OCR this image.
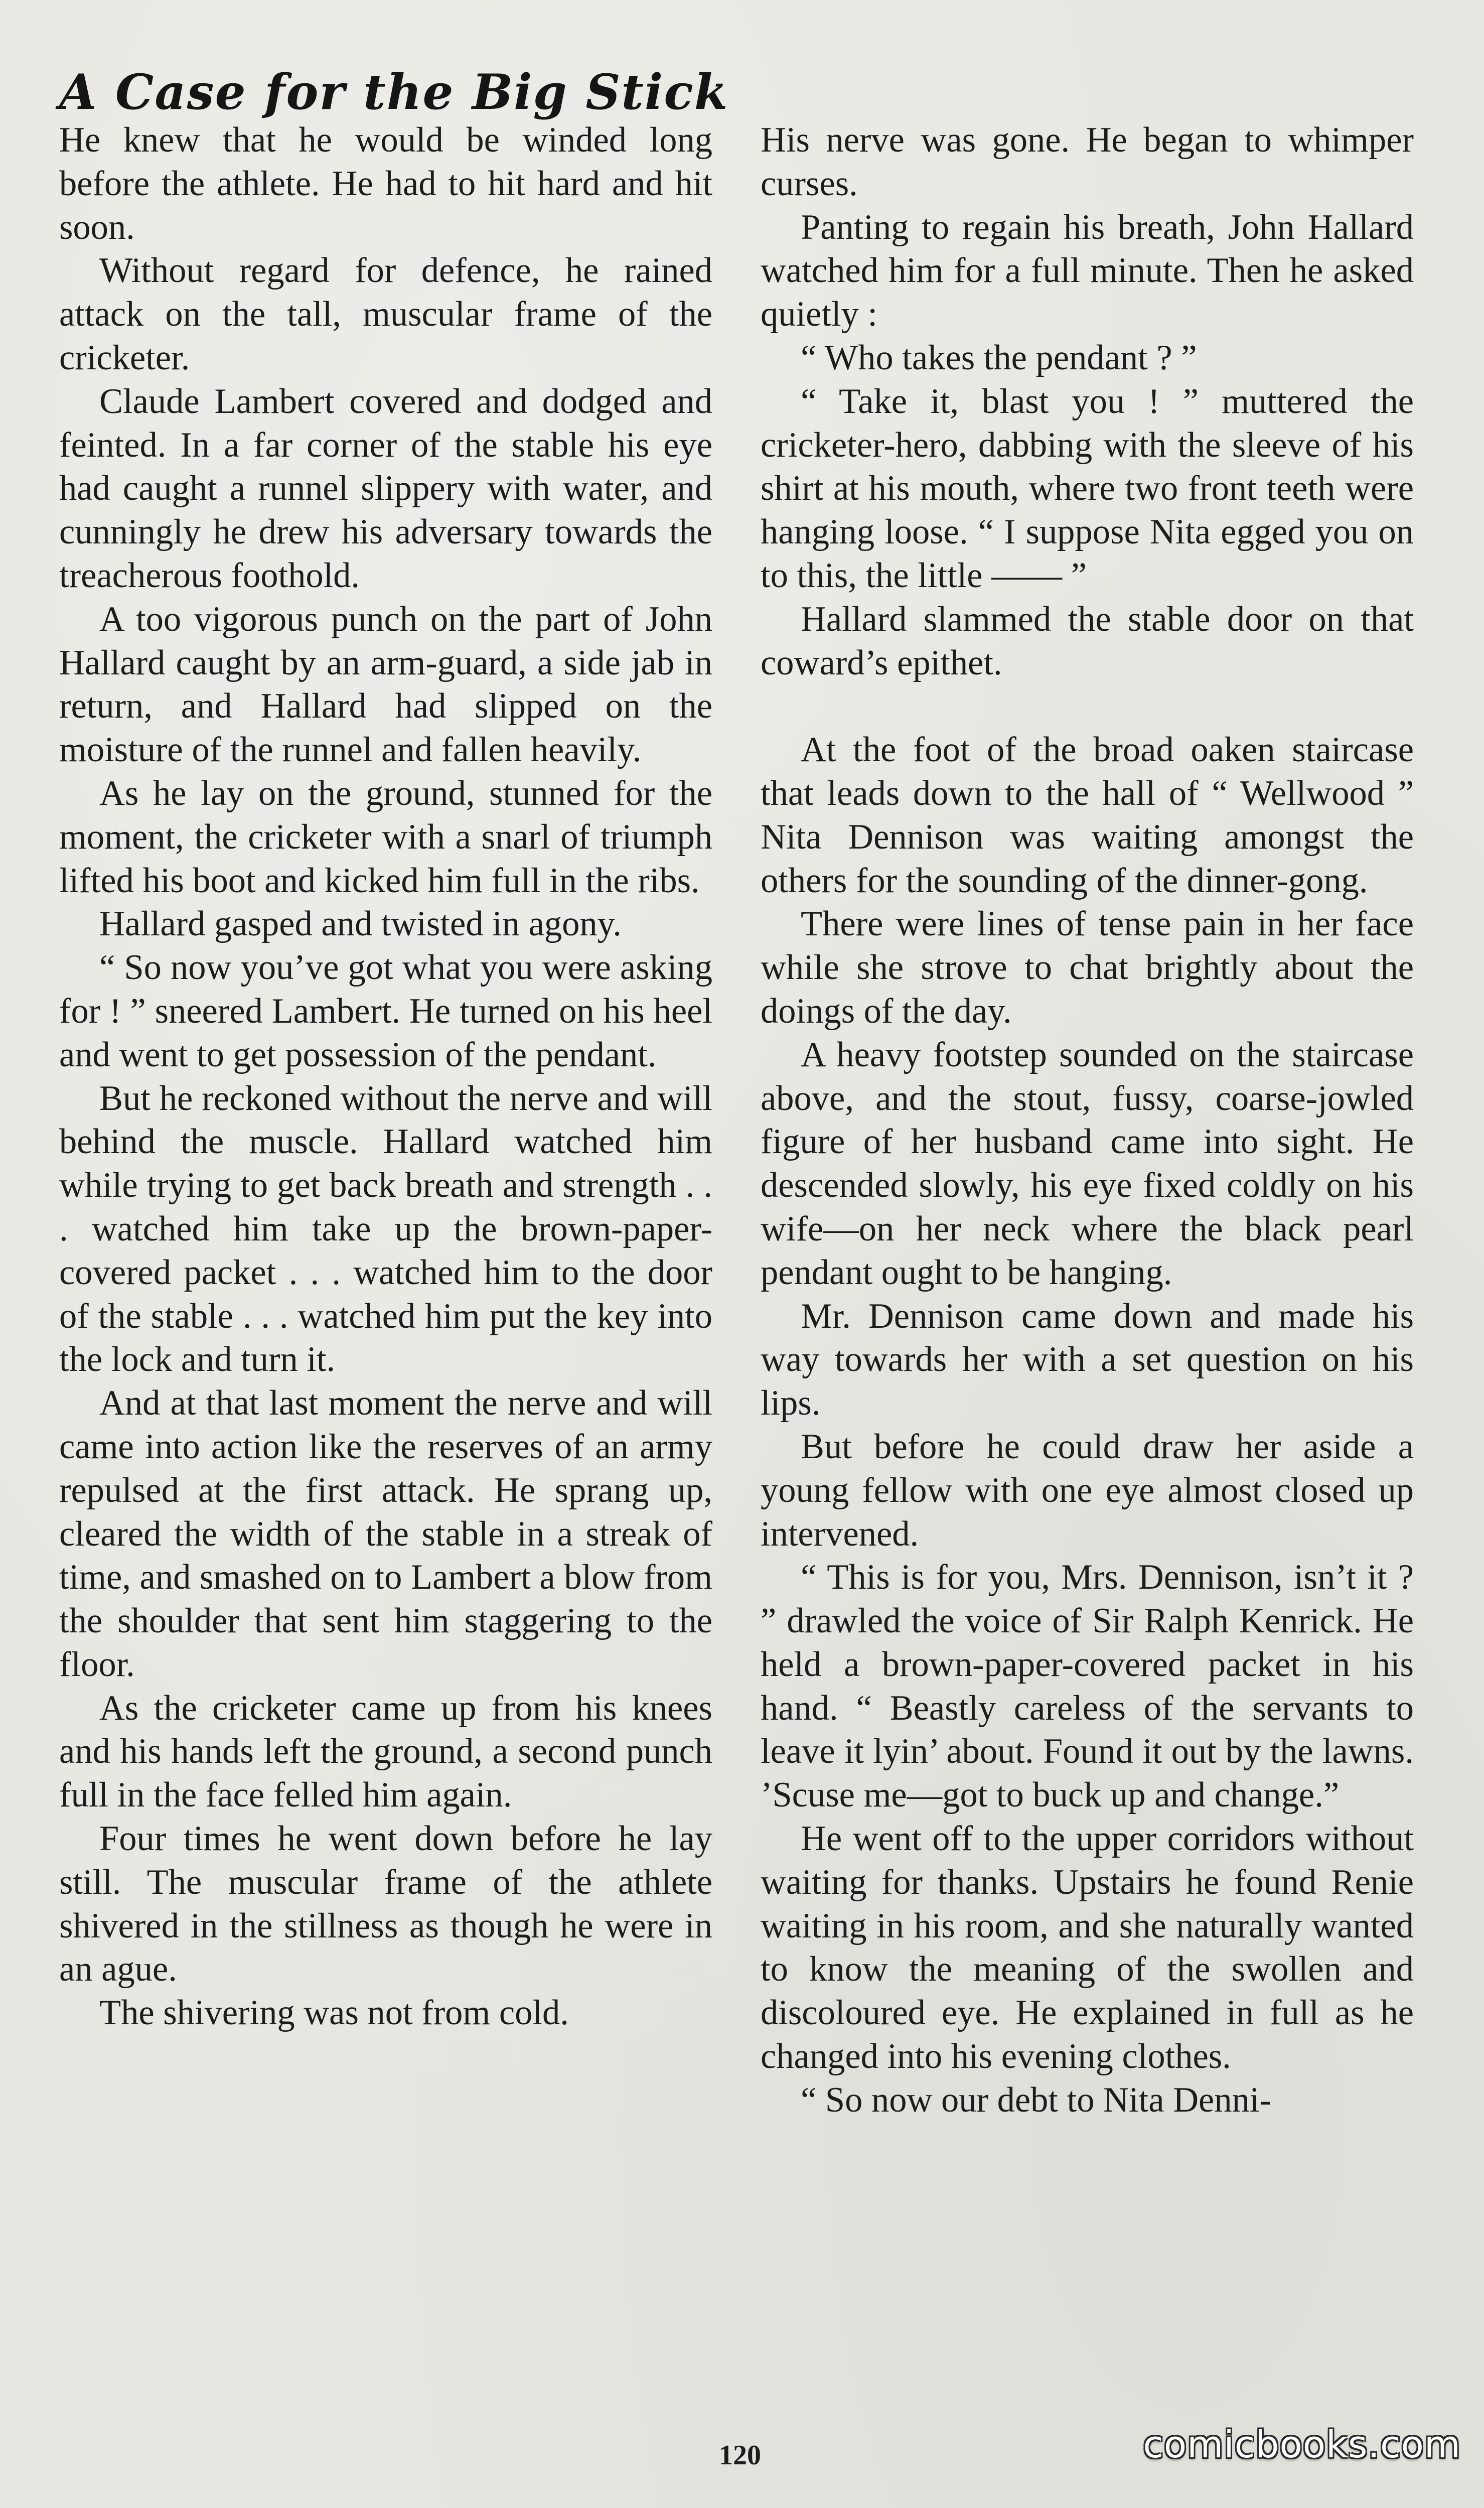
A Case for the Big Stick

He knew that he would be winded long before the athlete. He had to hit hard and hit soon.

Without regard for defence, he rained attack on the tall, muscular frame of the cricketer.

Claude Lambert covered and dodged and feinted. In a far corner of the stable his eye had caught a runnel slippery with water, and cunningly he drew his adversary towards the treacherous foothold.

A too vigorous punch on the part of John Hallard caught by an arm-guard, a side jab in return, and Hallard had slipped on the moisture of the runnel and fallen heavily.

As he lay on the ground, stunned for the moment, the cricketer with a snarl of triumph lifted his boot and kicked him full in the ribs.

Hallard gasped and twisted in agony.

“ So now you’ve got what you were asking for ! ” sneered Lambert. He turned on his heel and went to get possession of the pendant.

But he reckoned without the nerve and will behind the muscle. Hallard watched him while trying to get back breath and strength . . . watched him take up the brown-paper-covered packet . . . watched him to the door of the stable . . . watched him put the key into the lock and turn it.

And at that last moment the nerve and will came into action like the reserves of an army repulsed at the first attack. He sprang up, cleared the width of the stable in a streak of time, and smashed on to Lambert a blow from the shoulder that sent him staggering to the floor.

As the cricketer came up from his knees and his hands left the ground, a second punch full in the face felled him again.

Four times he went down before he lay still. The muscular frame of the athlete shivered in the stillness as though he were in an ague.

The shivering was not from cold.

His nerve was gone. He began to whimper curses.

Panting to regain his breath, John Hallard watched him for a full minute. Then he asked quietly :

“ Who takes the pendant ? ”

“ Take it, blast you ! ” muttered the cricketer-hero, dabbing with the sleeve of his shirt at his mouth, where two front teeth were hanging loose. “ I suppose Nita egged you on to this, the little —— ”

Hallard slammed the stable door on that coward’s epithet.

At the foot of the broad oaken staircase that leads down to the hall of “ Wellwood ” Nita Dennison was waiting amongst the others for the sounding of the dinner-gong.

There were lines of tense pain in her face while she strove to chat brightly about the doings of the day.

A heavy footstep sounded on the staircase above, and the stout, fussy, coarse-jowled figure of her husband came into sight. He descended slowly, his eye fixed coldly on his wife—on her neck where the black pearl pendant ought to be hanging.

Mr. Dennison came down and made his way towards her with a set question on his lips.

But before he could draw her aside a young fellow with one eye almost closed up intervened.

“ This is for you, Mrs. Dennison, isn’t it ? ” drawled the voice of Sir Ralph Kenrick. He held a brown-paper-covered packet in his hand. “ Beastly careless of the servants to leave it lyin’ about. Found it out by the lawns. ’Scuse me—got to buck up and change.”

He went off to the upper corridors without waiting for thanks. Upstairs he found Renie waiting in his room, and she naturally wanted to know the meaning of the swollen and discoloured eye. He explained in full as he changed into his evening clothes.

“ So now our debt to Nita Denni-

120	comicbooks.com
